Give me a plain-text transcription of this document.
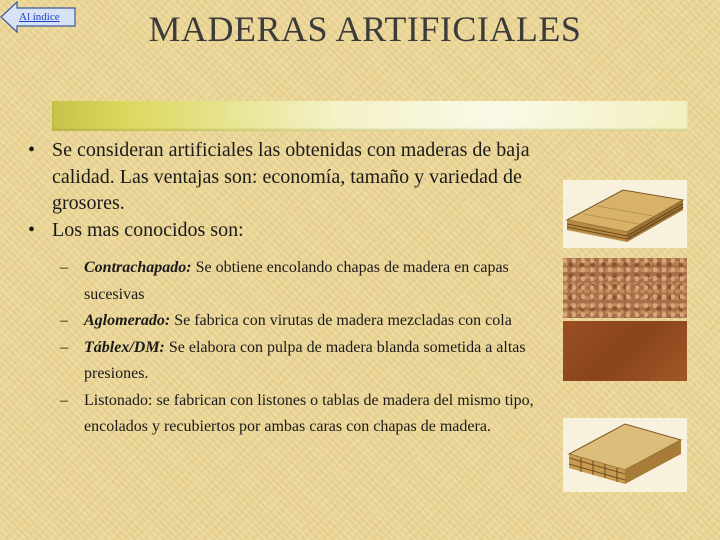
Al índice	MADERAS ARTIFICIALES

• Se consideran artificiales las obtenidas con maderas de baja calidad. Las ventajas son: economía, tamaño y variedad de grosores.

• Los mas conocidos son:

– Contrachapado: Se obtiene encolando chapas de madera en capas sucesivas
– Aglomerado: Se fabrica con virutas de madera mezcladas con cola
– Táblex/DM: Se elabora con pulpa de madera blanda sometida a altas presiones.
– Listonado: se fabrican con listones o tablas de madera del mismo tipo, encolados y recubiertos por ambas caras con chapas de madera.
